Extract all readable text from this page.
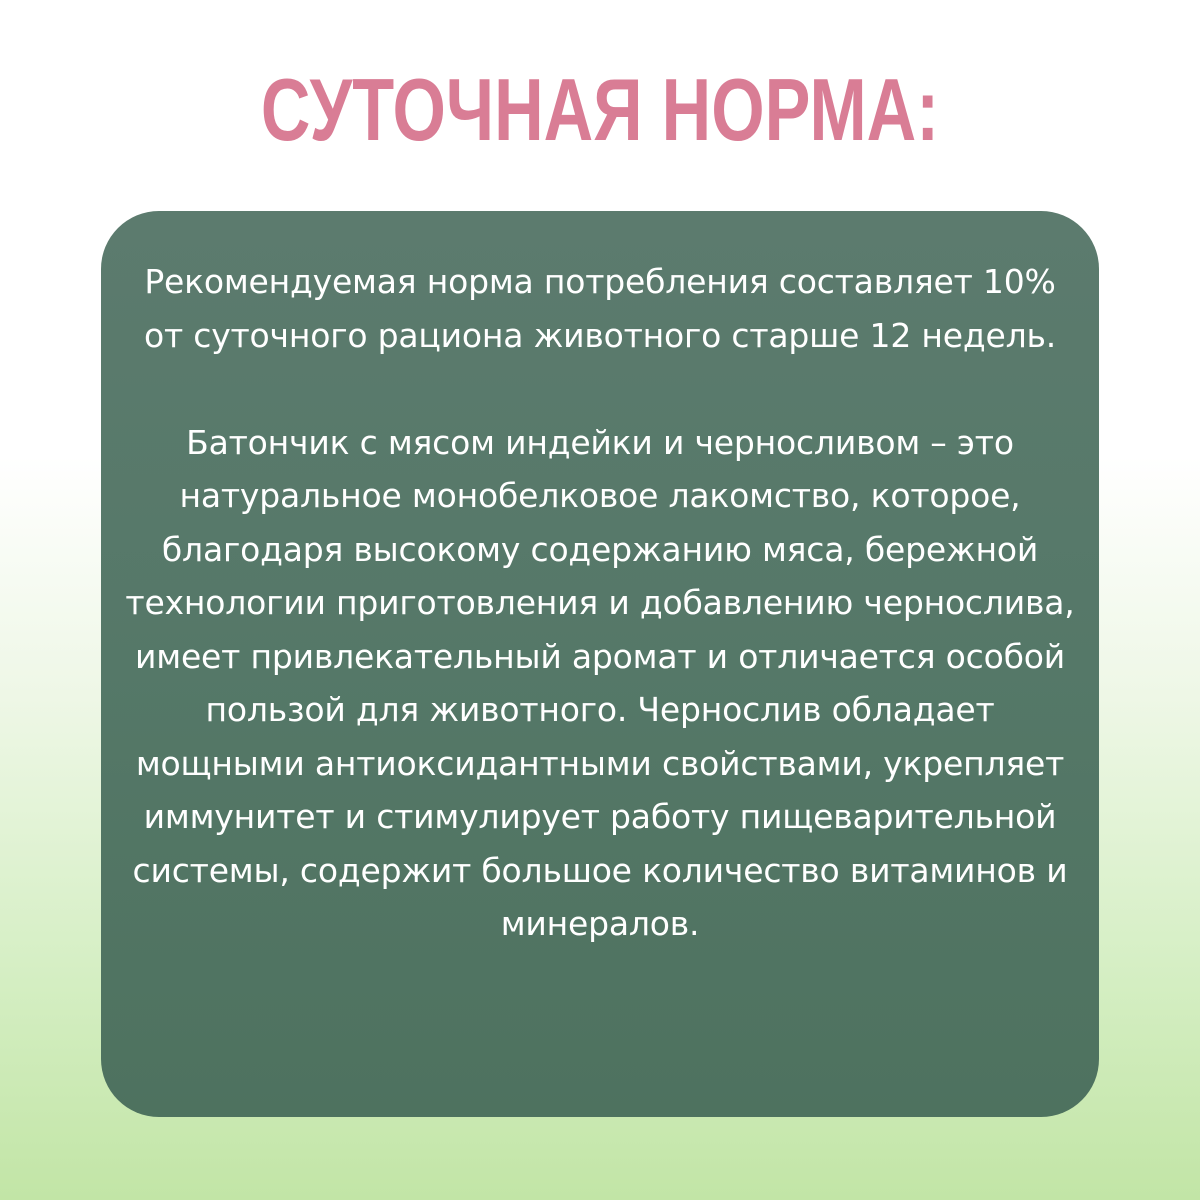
СУТОЧНАЯ НОРМА:

Рекомендуемая норма потребления составляет 10% от суточного рациона животного старше 12 недель.

Батончик с мясом индейки и черносливом – это натуральное монобелковое лакомство, которое, благодаря высокому содержанию мяса, бережной технологии приготовления и добавлению чернослива, имеет привлекательный аромат и отличается особой пользой для животного. Чернослив обладает мощными антиоксидантными свойствами, укрепляет иммунитет и стимулирует работу пищеварительной системы, содержит большое количество витаминов и минералов.
